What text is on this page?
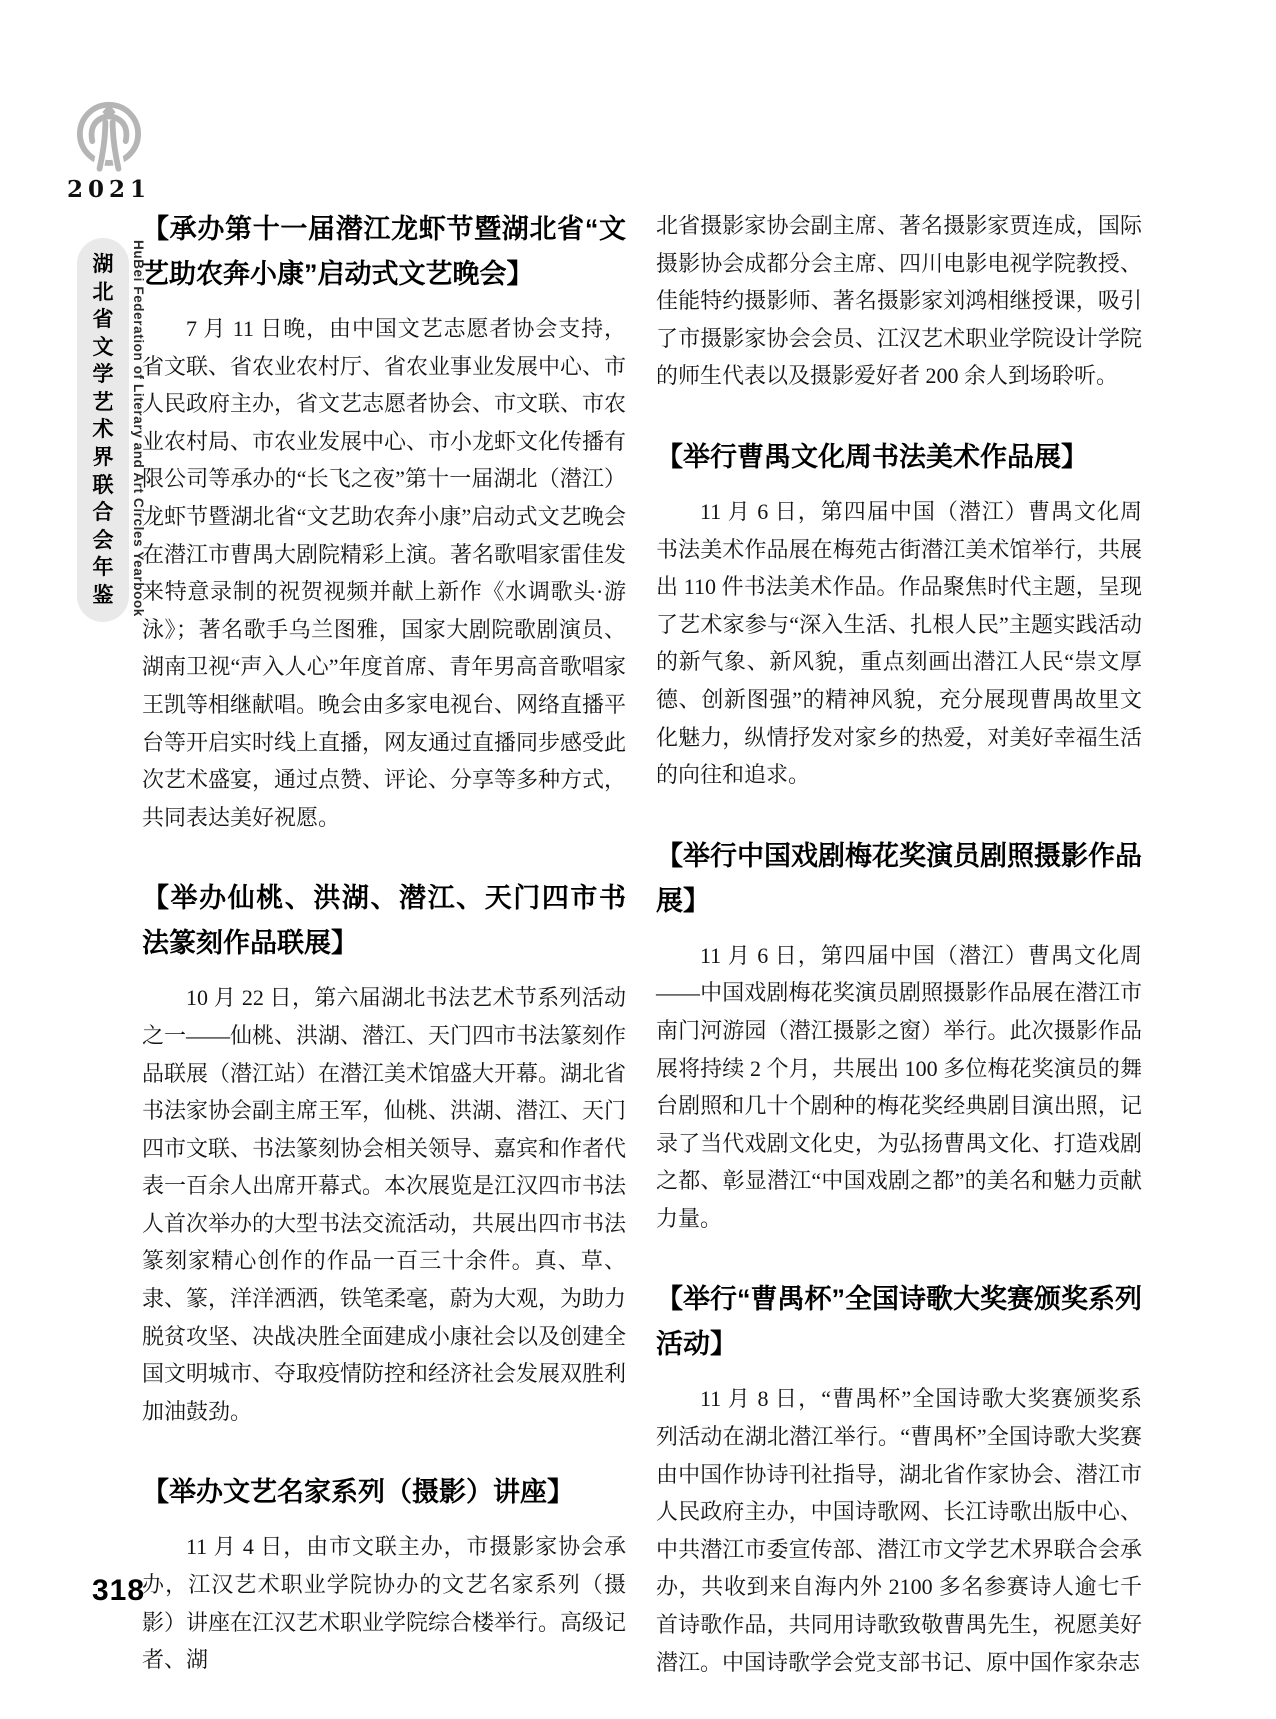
2021
湖
北
省
文
学
艺
术
界
联
合
会
年
鉴 HuBei Federation of Literary and Art Circles Yearbook
【承办第十一届潜江龙虾节暨湖北省“文艺助农奔小康”启动式文艺晚会】

7 月 11 日晚，由中国文艺志愿者协会支持，省文联、省农业农村厅、省农业事业发展中心、市人民政府主办，省文艺志愿者协会、市文联、市农业农村局、市农业发展中心、市小龙虾文化传播有限公司等承办的“长飞之夜”第十一届湖北（潜江）龙虾节暨湖北省“文艺助农奔小康”启动式文艺晚会在潜江市曹禺大剧院精彩上演。著名歌唱家雷佳发来特意录制的祝贺视频并献上新作《水调歌头·游泳》；著名歌手乌兰图雅，国家大剧院歌剧演员、湖南卫视“声入人心”年度首席、青年男高音歌唱家王凯等相继献唱。晚会由多家电视台、网络直播平台等开启实时线上直播，网友通过直播同步感受此次艺术盛宴，通过点赞、评论、分享等多种方式，共同表达美好祝愿。

【举办仙桃、洪湖、潜江、天门四市书法篆刻作品联展】

10 月 22 日，第六届湖北书法艺术节系列活动之一——仙桃、洪湖、潜江、天门四市书法篆刻作品联展（潜江站）在潜江美术馆盛大开幕。湖北省书法家协会副主席王军，仙桃、洪湖、潜江、天门四市文联、书法篆刻协会相关领导、嘉宾和作者代表一百余人出席开幕式。本次展览是江汉四市书法人首次举办的大型书法交流活动，共展出四市书法篆刻家精心创作的作品一百三十余件。真、草、隶、篆，洋洋洒洒，铁笔柔毫，蔚为大观，为助力脱贫攻坚、决战决胜全面建成小康社会以及创建全国文明城市、夺取疫情防控和经济社会发展双胜利加油鼓劲。

【举办文艺名家系列（摄影）讲座】

11 月 4 日，由市文联主办，市摄影家协会承办，江汉艺术职业学院协办的文艺名家系列（摄影）讲座在江汉艺术职业学院综合楼举行。高级记者、湖

北省摄影家协会副主席、著名摄影家贾连成，国际摄影协会成都分会主席、四川电影电视学院教授、佳能特约摄影师、著名摄影家刘鸿相继授课，吸引了市摄影家协会会员、江汉艺术职业学院设计学院的师生代表以及摄影爱好者 200 余人到场聆听。

【举行曹禺文化周书法美术作品展】

11 月 6 日，第四届中国（潜江）曹禺文化周书法美术作品展在梅苑古街潜江美术馆举行，共展出 110 件书法美术作品。作品聚焦时代主题，呈现了艺术家参与“深入生活、扎根人民”主题实践活动的新气象、新风貌，重点刻画出潜江人民“崇文厚德、创新图强”的精神风貌，充分展现曹禺故里文化魅力，纵情抒发对家乡的热爱，对美好幸福生活的向往和追求。

【举行中国戏剧梅花奖演员剧照摄影作品展】

11 月 6 日，第四届中国（潜江）曹禺文化周——中国戏剧梅花奖演员剧照摄影作品展在潜江市南门河游园（潜江摄影之窗）举行。此次摄影作品展将持续 2 个月，共展出 100 多位梅花奖演员的舞台剧照和几十个剧种的梅花奖经典剧目演出照，记录了当代戏剧文化史，为弘扬曹禺文化、打造戏剧之都、彰显潜江“中国戏剧之都”的美名和魅力贡献力量。

【举行“曹禺杯”全国诗歌大奖赛颁奖系列活动】

11 月 8 日，“曹禺杯”全国诗歌大奖赛颁奖系列活动在湖北潜江举行。“曹禺杯”全国诗歌大奖赛由中国作协诗刊社指导，湖北省作家协会、潜江市人民政府主办，中国诗歌网、长江诗歌出版中心、中共潜江市委宣传部、潜江市文学艺术界联合会承办，共收到来自海内外 2100 多名参赛诗人逾七千首诗歌作品，共同用诗歌致敬曹禺先生，祝愿美好潜江。中国诗歌学会党支部书记、原中国作家杂志

318
